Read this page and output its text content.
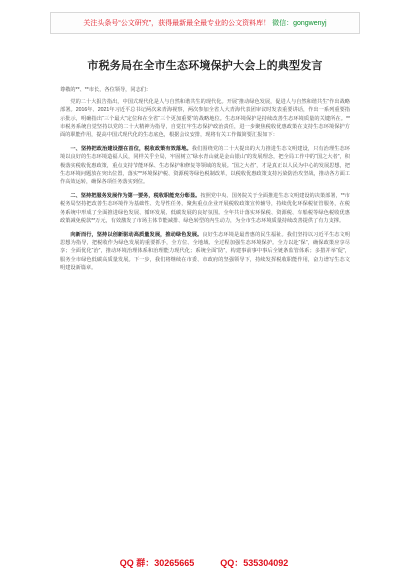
关注头条号“公文研究”，获得最新最全最专业的公文资料库！ 微信：gongwenyj
市税务局在全市生态环境保护大会上的典型发言
尊敬的**、**市长，各位领导，同志们：

党的二十大报告指出，中国式现代化是人与自然和谐共生的现代化。开展“推动绿色发展，促进人与自然和谐共生”作出战略部署。2016年、2021年习近平总书记两次来青海视察，两次参加全省人大青海代表团审议时发表重要讲话，作出一系列重要指示批示，明确指出“三个最大”定位和在全省“三个更加重要”的战略地位。生态环境保护是持续改善生态环境质量的关键所在。**市税务系统自觉坚持以党的二十大精神为指导，自觉扛牢生态保护政治责任，进一步聚焦税收优惠政策在支持生态环境保护方面的职能作用，提高中国式现代化的生态底色，根据会议安排，现将有关工作做简要汇报如下：

一、坚持把政治建设摆在首位，税收政策有效落地。我们围绕党的二十大提出的大力推进生态文明建设，只有治理生态环境以良好的生态环境造福人民，同样关乎全局，牢固树立“绿水青山就是金山银山”的发展理念，把全局工作中的“国之大者”，积极落实税收优惠政策，重点支持节能环保、生态保护和修复等领域的发展。“国之大者”，才是真正以人民为中心的发展思想，把生态环境问题放在突出位置，落实**环境保护税、资源税等绿色税制改革，以税收优惠政策支持污染防治攻坚战，推动各方面工作高效运转，确保各项任务落实到位。

二、坚持把服务发展作为第一要务，税收职能充分彰显。按照党中央、国务院关于全面推进生态文明建设的决策部署，**市税务局坚持把改善生态环境作为基础性、先导性任务，聚焦重点企业开展税收政策宣传辅导，持续优化环保税征管服务，在税务系统中形成了全面推进绿色发展、循环发展、低碳发展的良好氛围。全年共计落实环保税、资源税、车船税等绿色税收优惠政策减免税款**万元，有效激发了市场主体节能减排、绿色转型的内生动力，为全市生态环境质量持续改善提供了有力支撑。

向新而行，坚持以创新驱动高质量发展，推动绿色发展。良好生态环境是最普惠的民生福祉。我们坚持以习近平生态文明思想为指导，把税收作为绿色发展的重要抓手，全方位、全地域、全过程加强生态环境保护。全力以赴“保”，确保政策应享尽享；全面优化“治”，推动环境治理体系和治理能力现代化；系统全面“防”，构建事前事中事后全链条监管体系；多措并举“促”，服务全市绿色低碳高质量发展。下一步，我们将继续在市委、市政府的坚强领导下，持续发挥税收职能作用，奋力谱写生态文明建设新篇章。

QQ 群：30265665	QQ：535304092
